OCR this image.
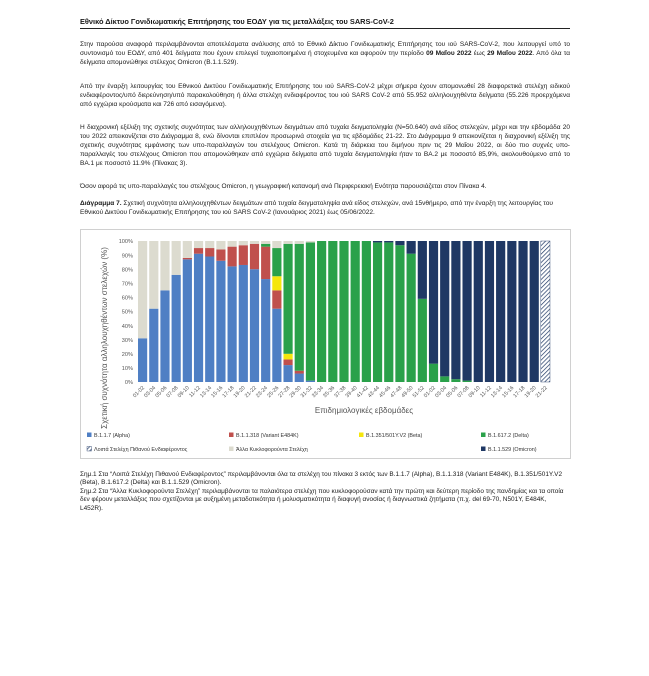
Εθνικό Δίκτυο Γονιδιωματικής Επιτήρησης του ΕΟΔΥ για τις μεταλλάξεις του SARS-CoV-2

Στην παρούσα αναφορά περιλαμβάνονται αποτελέσματα ανάλυσης από το Εθνικό Δίκτυο Γονιδιωματικής Επιτήρησης του ιού SARS-CoV-2, που λειτουργεί υπό το συντονισμό του ΕΟΔΥ, από 401 δείγματα που έχουν επιλεγεί τυχαιοποιημένα ή στοχευμένα και αφορούν την περίοδο 09 Μαΐου 2022 έως 29 Μαΐου 2022. Από όλα τα δείγματα απομονώθηκε στέλεχος Omicron (B.1.1.529).

Από την έναρξη λειτουργίας του Εθνικού Δικτύου Γονιδιωματικής Επιτήρησης του ιού SARS-CoV-2 μέχρι σήμερα έχουν απομονωθεί 28 διαφορετικά στελέχη ειδικού ενδιαφέροντος/υπό διερεύνηση/υπό παρακολούθηση ή άλλα στελέχη ενδιαφέροντος του ιού SARS CoV-2 από 55.952 αλληλουχηθέντα δείγματα (55.226 προερχόμενα από εγχώρια κρούσματα και 726 από εισαγόμενα).

Η διαχρονική εξέλιξη της σχετικής συχνότητας των αλληλουχηθέντων δειγμάτων από τυχαία δειγματοληψία (N=50.640) ανά είδος στελεχών, μέχρι και την εβδομάδα 20 του 2022 απεικονίζεται στο Διάγραμμα 8, ενώ δίνονται επιπλέον προσωρινά στοιχεία για τις εβδομάδες 21-22. Στο Διάγραμμα 9 απεικονίζεται η διαχρονική εξέλιξη της σχετικής συχνότητας εμφάνισης των υπο-παραλλαγών του στελέχους Omicron. Κατά τη διάρκεια του διμήνου πριν τις 29 Μαΐου 2022, οι δύο πιο συχνές υπο-παραλλαγές του στελέχους Omicron που απομονώθηκαν από εγχώρια δείγματα από τυχαία δειγματοληψία ήταν το BA.2 με ποσοστό 85,9%, ακολουθούμενο από το BA.1 με ποσοστό 11.9% (Πίνακας 3).

Όσον αφορά τις υπο-παραλλαγές του στελέχους Omicron, η γεωγραφική κατανομή ανά Περιφερειακή Ενότητα παρουσιάζεται στον Πίνακα 4.

Διάγραμμα 7. Σχετική συχνότητα αλληλουχηθέντων δειγμάτων από τυχαία δειγματοληψία ανά είδος στελεχών, ανά 15νθήμερο, από την έναρξη της λειτουργίας του Εθνικού Δικτύου Γονιδιωματικής Επιτήρησης του ιού SARS CoV-2 (Ιανουάριος 2021) έως 05/06/2022.
0%
10%
20%
30%
40%
50%
60%
70%
80%
90%
100%
01-02
03-04
05-06
07-08
09-10
11-12
13-14
15-16
17-18
19-20
21-22
23-24
25-26
27-28
29-30
31-32
33-34
35-36
37-38
39-40
41-42
43-44
45-46
47-48
49-50
51-52
01-02
03-04
05-06
07-08
09-10
11-12
13-14
15-16
17-18
19-20
21-22
Σχετική συχνότητα αλληλουχηθέντων στελεχών (%)	Επιδημιολογικές εβδομάδες
B.1.1.7 (Alpha)	B.1.1.318 (Variant E484K)	B.1.351/501Y.V2 (Beta)	B.1.617.2 (Delta)
Λοιπά Στελέχη Πιθανού Ενδιαφέροντος	Άλλα Κυκλοφορούντα Στελέχη	B.1.1.529 (Omicron)

Σημ.1 Στα “Λοιπά Στελέχη Πιθανού Ενδιαφέροντος” περιλαμβάνονται όλα τα στελέχη του πίνακα 3 εκτός των B.1.1.7 (Alpha), B.1.1.318 (Variant E484K), B.1.351/501Y.V2 (Beta), B.1.617.2 (Delta) και B.1.1.529 (Omicron).

Σημ.2 Στα “Άλλα Κυκλοφορούντα Στελέχη” περιλαμβάνονται τα παλαιότερα στελέχη που κυκλοφορούσαν κατά την πρώτη και δεύτερη περίοδο της πανδημίας και τα οποία δεν φέρουν μεταλλάξεις που σχετίζονται με αυξημένη μεταδοτικότητα ή μολυσματικότητα ή διαφυγή ανοσίας ή διαγνωστικά ζητήματα (π.χ. del 69-70, N501Y, E484K, L452R).
